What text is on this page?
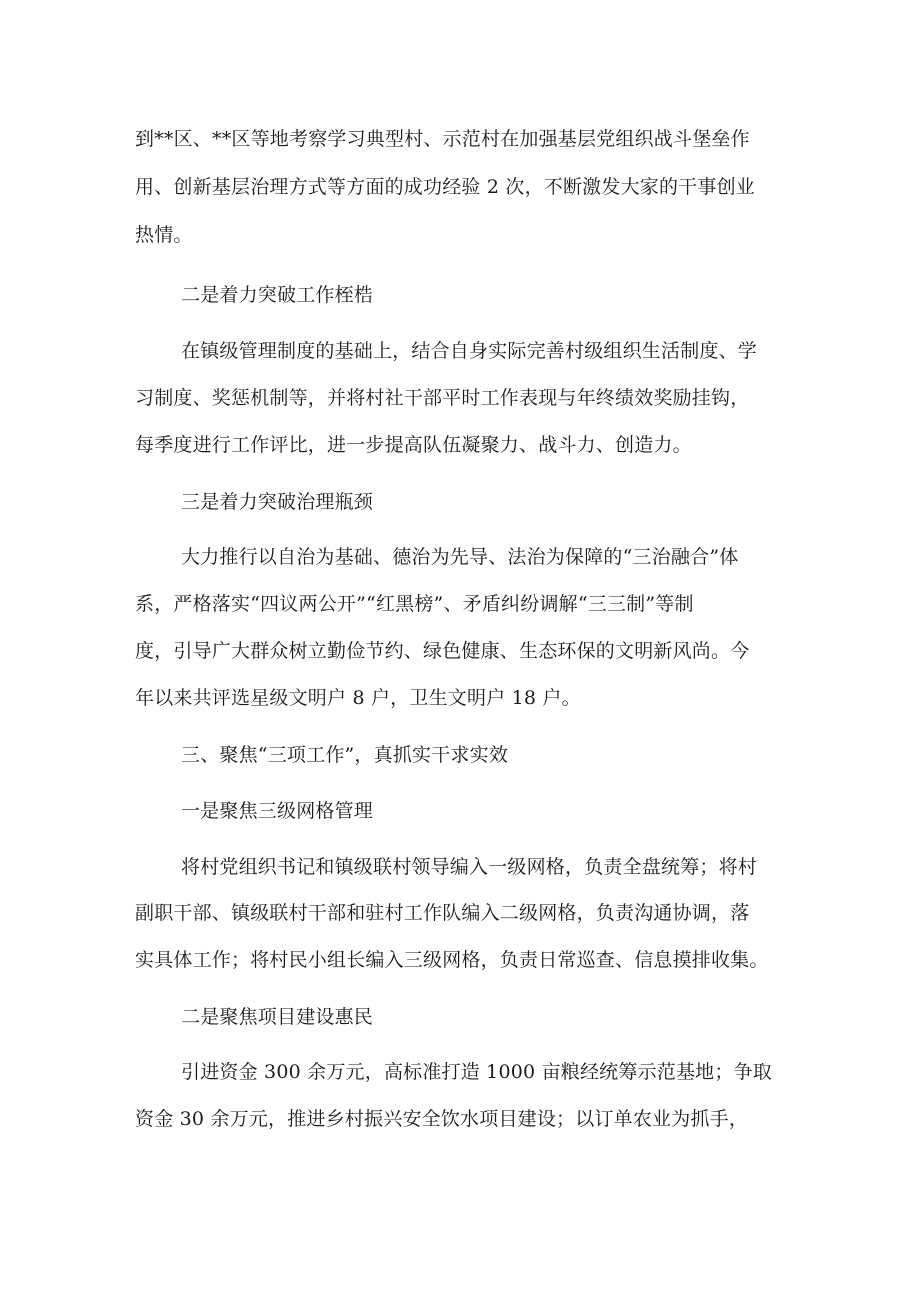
到**区、**区等地考察学习典型村、示范村在加强基层党组织战斗堡垒作
用、创新基层治理方式等方面的成功经验 2 次，不断激发大家的干事创业
热情。
二是着力突破工作桎梏
在镇级管理制度的基础上，结合自身实际完善村级组织生活制度、学
习制度、奖惩机制等，并将村社干部平时工作表现与年终绩效奖励挂钩，
每季度进行工作评比，进一步提高队伍凝聚力、战斗力、创造力。
三是着力突破治理瓶颈
大力推行以自治为基础、德治为先导、法治为保障的“三治融合”体
系，严格落实“四议两公开”“红黑榜”、矛盾纠纷调解“三三制”等制
度，引导广大群众树立勤俭节约、绿色健康、生态环保的文明新风尚。今
年以来共评选星级文明户 8 户，卫生文明户 18 户。
三、聚焦“三项工作”，真抓实干求实效
一是聚焦三级网格管理
将村党组织书记和镇级联村领导编入一级网格，负责全盘统筹；将村
副职干部、镇级联村干部和驻村工作队编入二级网格，负责沟通协调，落
实具体工作；将村民小组长编入三级网格，负责日常巡查、信息摸排收集。
二是聚焦项目建设惠民
引进资金 300 余万元，高标准打造 1000 亩粮经统筹示范基地；争取
资金 30 余万元，推进乡村振兴安全饮水项目建设；以订单农业为抓手，
